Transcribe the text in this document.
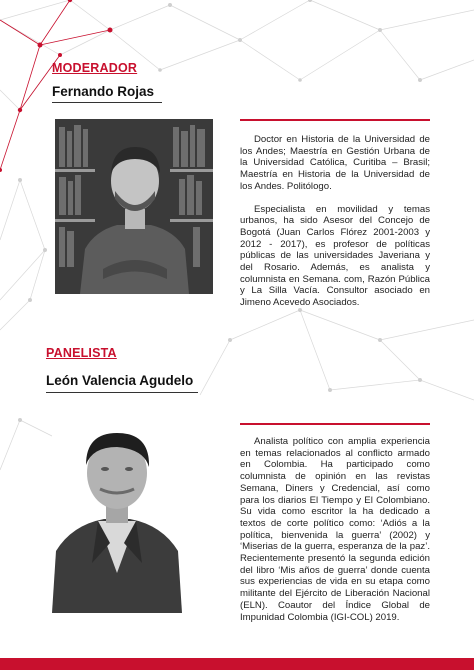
MODERADOR
Fernando Rojas

Doctor en Historia de la Universidad de los Andes; Maestría en Gestión Urbana de la Universidad Católica, Curitiba – Brasil; Maestría en Historia de la Universidad de los Andes. Politólogo.

Especialista en movilidad y temas urbanos, ha sido Asesor del Concejo de Bogotá (Juan Carlos Flórez 2001-2003 y 2012 - 2017), es profesor de políticas públicas de las universidades Javeriana y del Rosario. Además, es analista y columnista en Semana. com, Razón Pública y La Silla Vacía. Consultor asociado en Jimeno Acevedo Asociados.

PANELISTA
León Valencia Agudelo

Analista político con amplia experiencia en temas relacionados al conflicto armado en Colombia. Ha participado como columnista de opinión en las revistas Semana, Diners y Credencial, así como para los diarios El Tiempo y El Colombiano. Su vida como escritor la ha dedicado a textos de corte político como: ‘Adiós a la política, bienvenida la guerra’ (2002) y ‘Miserias de la guerra, esperanza de la paz’. Recientemente presentó la segunda edición del libro ‘Mis años de guerra’ donde cuenta sus experiencias de vida en su etapa como militante del Ejército de Liberación Nacional (ELN). Coautor del Índice Global de Impunidad Colombia (IGI-COL) 2019.
